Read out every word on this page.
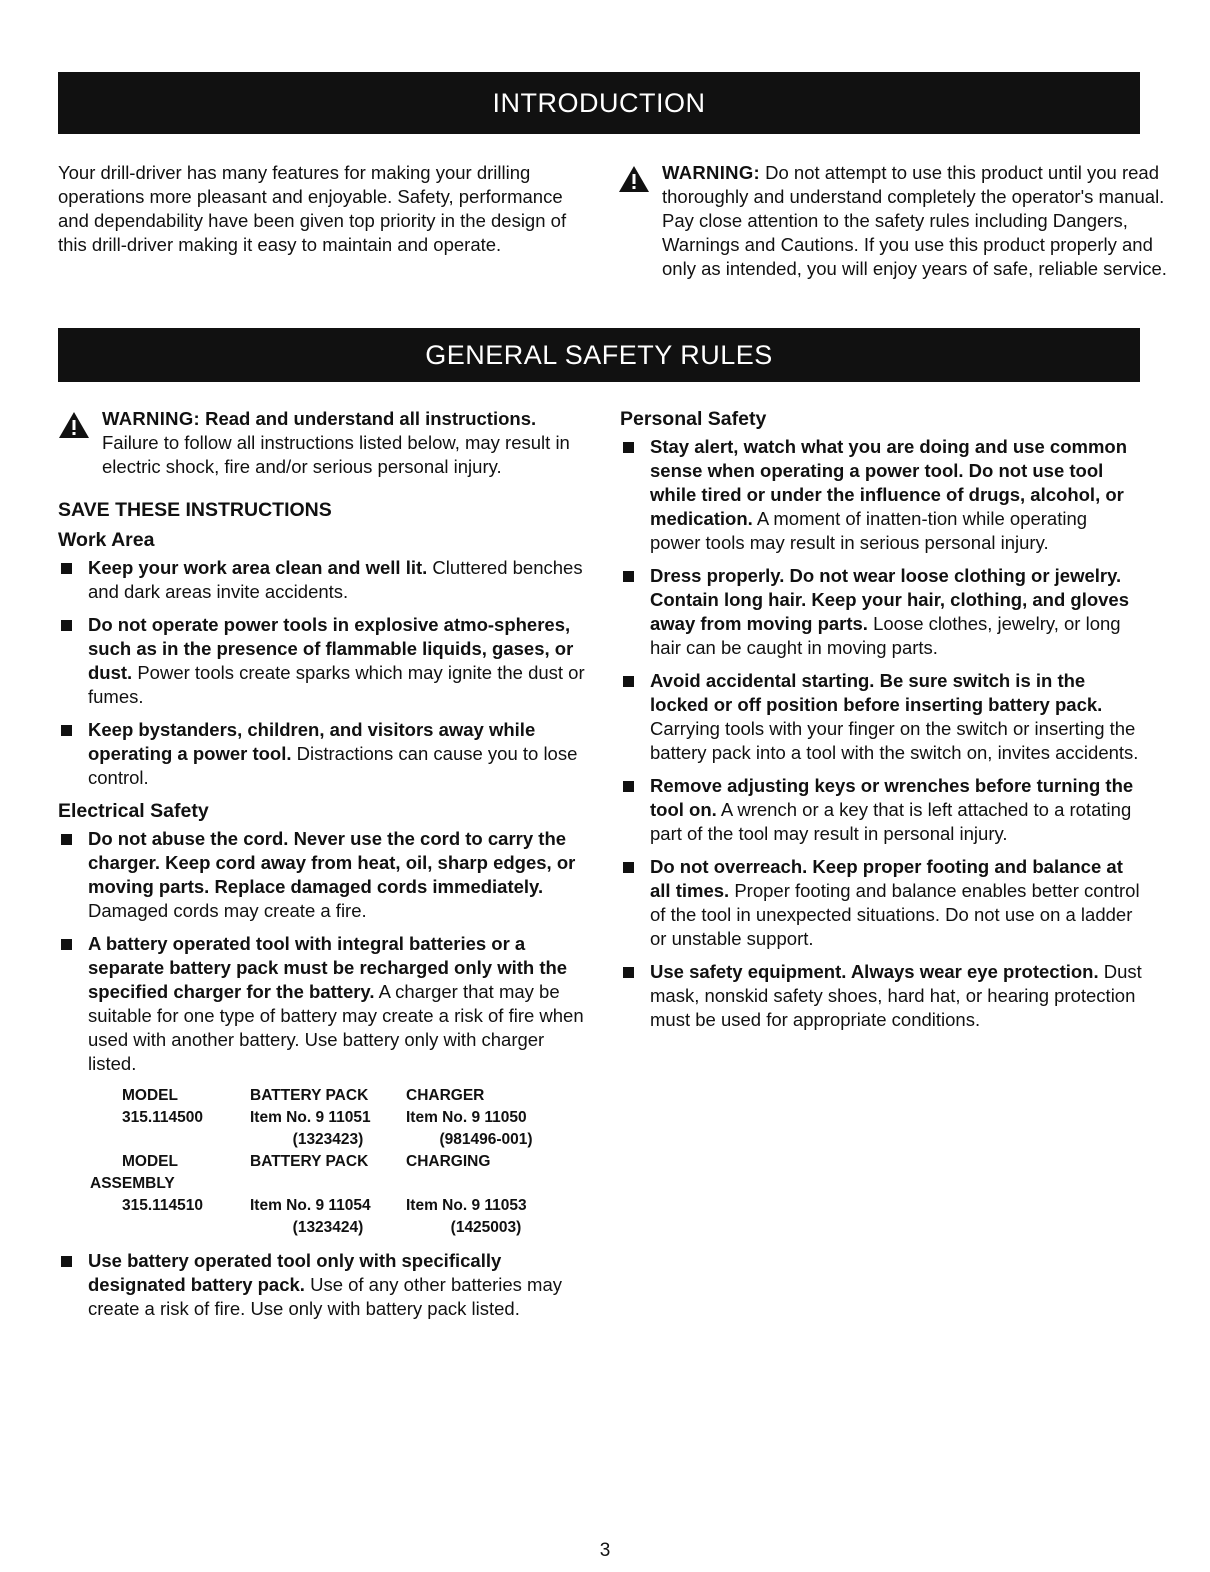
INTRODUCTION
Your drill-driver has many features for making your drilling operations more pleasant and enjoyable. Safety, performance and dependability have been given top priority in the design of this drill-driver making it easy to maintain and operate.
WARNING: Do not attempt to use this product until you read thoroughly and understand completely the operator's manual. Pay close attention to the safety rules including Dangers, Warnings and Cautions. If you use this product properly and only as intended, you will enjoy years of safe, reliable service.
GENERAL SAFETY RULES
WARNING: Read and understand all instructions.
Failure to follow all instructions listed below, may result in electric shock, fire and/or serious personal injury.
SAVE THESE INSTRUCTIONS
Work Area
Keep your work area clean and well lit. Cluttered benches and dark areas invite accidents.
Do not operate power tools in explosive atmo-spheres, such as in the presence of flammable liquids, gases, or dust. Power tools create sparks which may ignite the dust or fumes.
Keep bystanders, children, and visitors away while operating a power tool. Distractions can cause you to lose control.
Electrical Safety
Do not abuse the cord. Never use the cord to carry the charger. Keep cord away from heat, oil, sharp edges, or moving parts. Replace damaged cords immediately. Damaged cords may create a fire.
A battery operated tool with integral batteries or a separate battery pack must be recharged only with the specified charger for the battery. A charger that may be suitable for one type of battery may create a risk of fire when used with another battery. Use battery only with charger listed.
MODEL	BATTERY PACK	CHARGER
315.114500	Item No. 9 11051	Item No. 9 11050
	(1323423)	(981496-001)
MODEL	BATTERY PACK	CHARGING
ASSEMBLY		
315.114510	Item No. 9 11054	Item No. 9 11053
	(1323424)	(1425003)
Use battery operated tool only with specifically designated battery pack. Use of any other batteries may create a risk of fire. Use only with battery pack listed.
Personal Safety
Stay alert, watch what you are doing and use common sense when operating a power tool. Do not use tool while tired or under the influence of drugs, alcohol, or medication. A moment of inatten-tion while operating power tools may result in serious personal injury.
Dress properly. Do not wear loose clothing or jewelry. Contain long hair. Keep your hair, clothing, and gloves away from moving parts. Loose clothes, jewelry, or long hair can be caught in moving parts.
Avoid accidental starting. Be sure switch is in the locked or off position before inserting battery pack. Carrying tools with your finger on the switch or inserting the battery pack into a tool with the switch on, invites accidents.
Remove adjusting keys or wrenches before turning the tool on. A wrench or a key that is left attached to a rotating part of the tool may result in personal injury.
Do not overreach. Keep proper footing and balance at all times. Proper footing and balance enables better control of the tool in unexpected situations. Do not use on a ladder or unstable support.
Use safety equipment. Always wear eye protection. Dust mask, nonskid safety shoes, hard hat, or hearing protection must be used for appropriate conditions.
3
